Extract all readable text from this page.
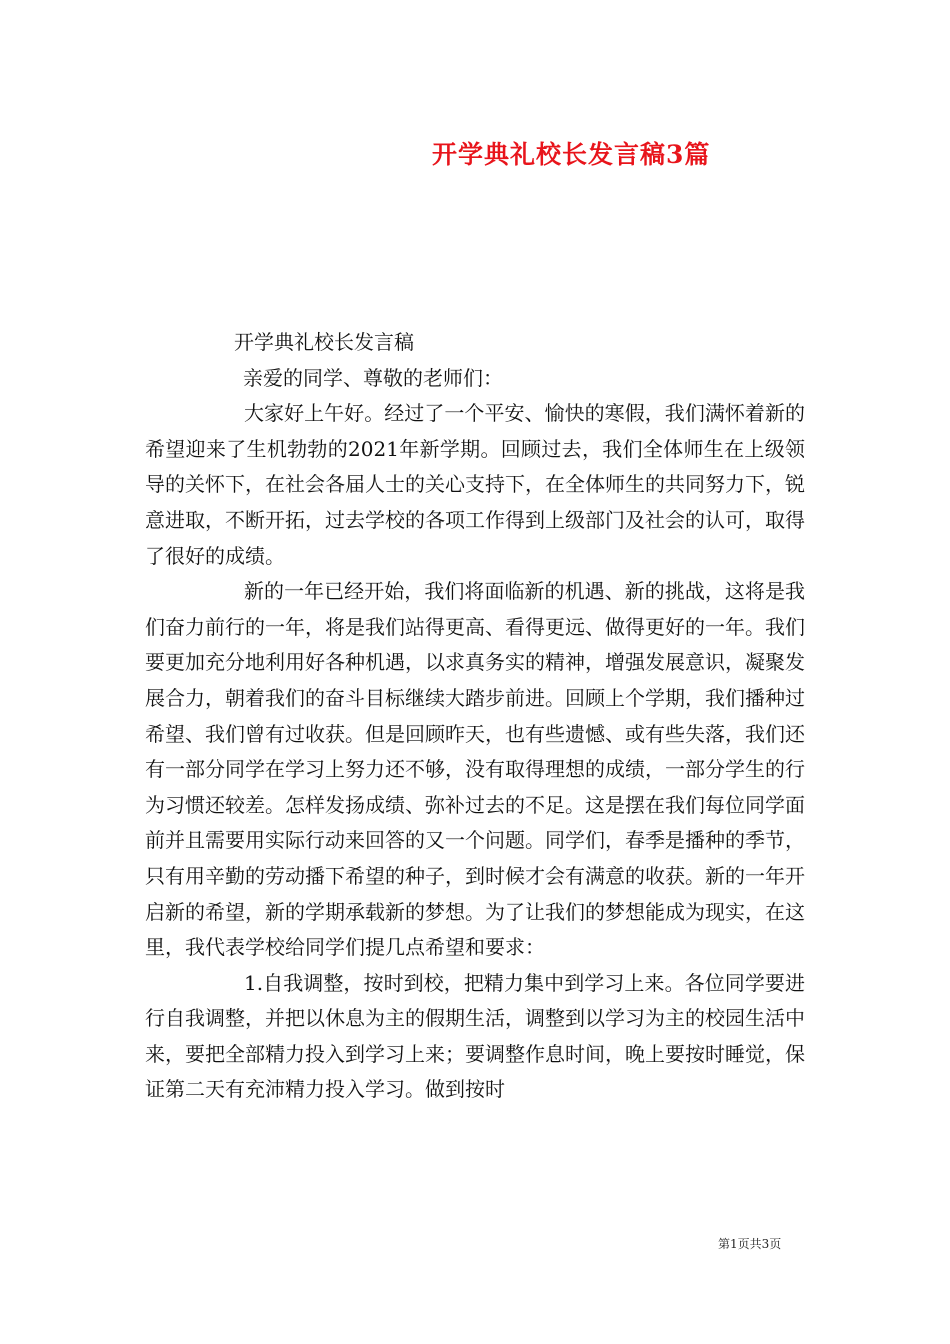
开学典礼校长发言稿3篇

开学典礼校长发言稿

亲爱的同学、尊敬的老师们：

大家好上午好。经过了一个平安、愉快的寒假，我们满怀着新的希望迎来了生机勃勃的2021年新学期。回顾过去，我们全体师生在上级领导的关怀下，在社会各届人士的关心支持下，在全体师生的共同努力下，锐意进取，不断开拓，过去学校的各项工作得到上级部门及社会的认可，取得了很好的成绩。

新的一年已经开始，我们将面临新的机遇、新的挑战，这将是我们奋力前行的一年，将是我们站得更高、看得更远、做得更好的一年。我们要更加充分地利用好各种机遇，以求真务实的精神，增强发展意识，凝聚发展合力，朝着我们的奋斗目标继续大踏步前进。回顾上个学期，我们播种过希望、我们曾有过收获。但是回顾昨天，也有些遗憾、或有些失落，我们还有一部分同学在学习上努力还不够，没有取得理想的成绩，一部分学生的行为习惯还较差。怎样发扬成绩、弥补过去的不足。这是摆在我们每位同学面前并且需要用实际行动来回答的又一个问题。同学们，春季是播种的季节，只有用辛勤的劳动播下希望的种子，到时候才会有满意的收获。新的一年开启新的希望，新的学期承载新的梦想。为了让我们的梦想能成为现实，在这里，我代表学校给同学们提几点希望和要求：

1.自我调整，按时到校，把精力集中到学习上来。各位同学要进行自我调整，并把以休息为主的假期生活，调整到以学习为主的校园生活中来，要把全部精力投入到学习上来；要调整作息时间，晚上要按时睡觉，保证第二天有充沛精力投入学习。做到按时

第1页共3页
